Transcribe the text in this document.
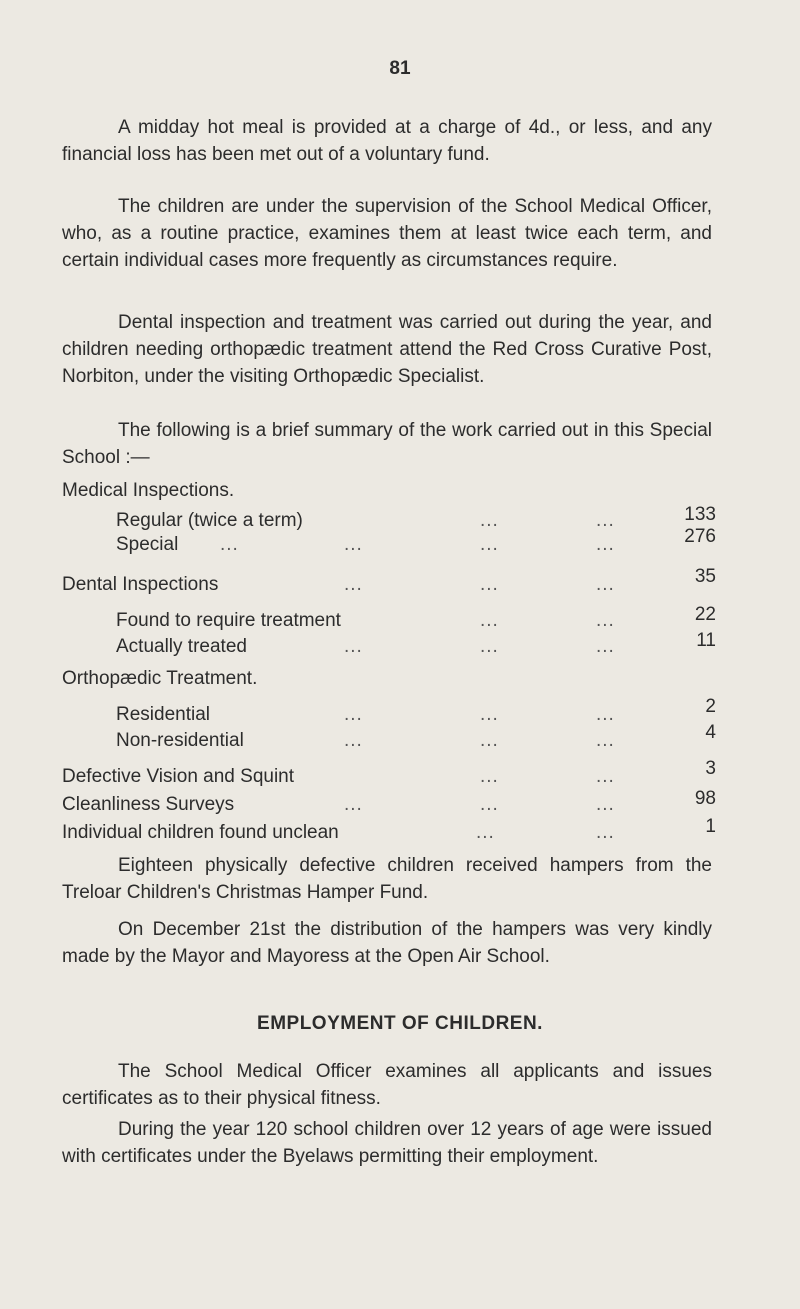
81

A midday hot meal is provided at a charge of 4d., or less, and any financial loss has been met out of a voluntary fund.

The children are under the supervision of the School Medical Officer, who, as a routine practice, examines them at least twice each term, and certain individual cases more frequently as circumstances require.

Dental inspection and treatment was carried out during the year, and children needing orthopædic treatment attend the Red Cross Curative Post, Norbiton, under the visiting Orthopædic Specialist.

The following is a brief summary of the work carried out in this Special School :—

Medical Inspections.
Regular (twice a term)	...	...	133
Special ...	...	...	...	276
Dental Inspections	...	...	...	35
Found to require treatment	...	...	22
Actually treated	...	...	...	11
Orthopædic Treatment.
Residential	...	...	...	2
Non-residential	...	...	...	4
Defective Vision and Squint	...	...	3
Cleanliness Surveys	...	...	...	98
Individual children found unclean	...	...	1

Eighteen physically defective children received hampers from the Treloar Children's Christmas Hamper Fund.

On December 21st the distribution of the hampers was very kindly made by the Mayor and Mayoress at the Open Air School.

EMPLOYMENT OF CHILDREN.

The School Medical Officer examines all applicants and issues certificates as to their physical fitness.

During the year 120 school children over 12 years of age were issued with certificates under the Byelaws permitting their employment.
